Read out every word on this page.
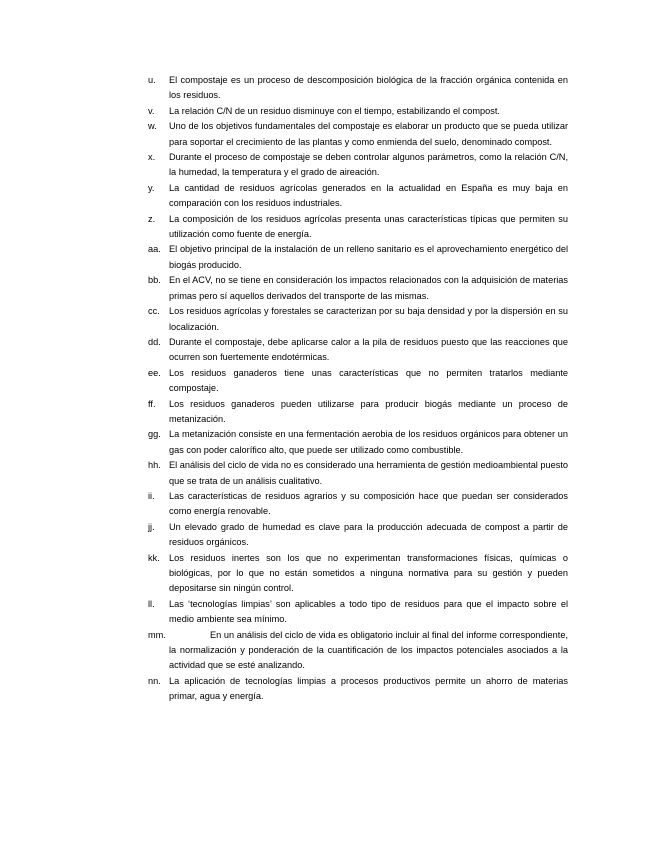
u.	El compostaje es un proceso de descomposición biológica de la fracción orgánica contenida en los residuos.
v.	La relación C/N de un residuo disminuye con el tiempo, estabilizando el compost.
w.	Uno de los objetivos fundamentales del compostaje es elaborar un producto que se pueda utilizar para soportar el crecimiento de las plantas y como enmienda del suelo, denominado compost.
x.	Durante el proceso de compostaje se deben controlar algunos parámetros, como la relación C/N, la humedad, la temperatura y el grado de aireación.
y.	La cantidad de residuos agrícolas generados en la actualidad en España es muy baja en comparación con los residuos industriales.
z.	La composición de los residuos agrícolas presenta unas características típicas que permiten su utilización como fuente de energía.
aa. El objetivo principal de la instalación de un relleno sanitario es el aprovechamiento energético del biogás producido.
bb. En el ACV, no se tiene en consideración los impactos relacionados con la adquisición de materias primas pero sí aquellos derivados del transporte de las mismas.
cc.	Los residuos agrícolas y forestales se caracterizan por su baja densidad y por la dispersión en su localización.
dd. Durante el compostaje, debe aplicarse calor a la pila de residuos puesto que las reacciones que ocurren son fuertemente endotérmicas.
ee. Los residuos ganaderos tiene unas características que no permiten tratarlos mediante compostaje.
ff.	Los residuos ganaderos pueden utilizarse para producir biogás mediante un proceso de metanización.
gg. La metanización consiste en una fermentación aerobia de los residuos orgánicos para obtener un gas con poder calorífico alto, que puede ser utilizado como combustible.
hh. El análisis del ciclo de vida no es considerado una herramienta de gestión medioambiental puesto que se trata de un análisis cualitativo.
ii.	Las características de residuos agrarios y su composición hace que puedan ser considerados como energía renovable.
jj.	Un elevado grado de humedad es clave para la producción adecuada de compost a partir de residuos orgánicos.
kk.	Los residuos inertes son los que no experimentan transformaciones físicas, químicas o biológicas, por lo que no están sometidos a ninguna normativa para su gestión y pueden depositarse sin ningún control.
ll.	Las ‘tecnologías limpias’ son aplicables a todo tipo de residuos para que el impacto sobre el medio ambiente sea mínimo.
mm.	En un análisis del ciclo de vida es obligatorio incluir al final del informe correspondiente, la normalización y ponderación de la cuantificación de los impactos potenciales asociados a la actividad que se esté analizando.
nn. La aplicación de tecnologías limpias a procesos productivos permite un ahorro de materias primar, agua y energía.
